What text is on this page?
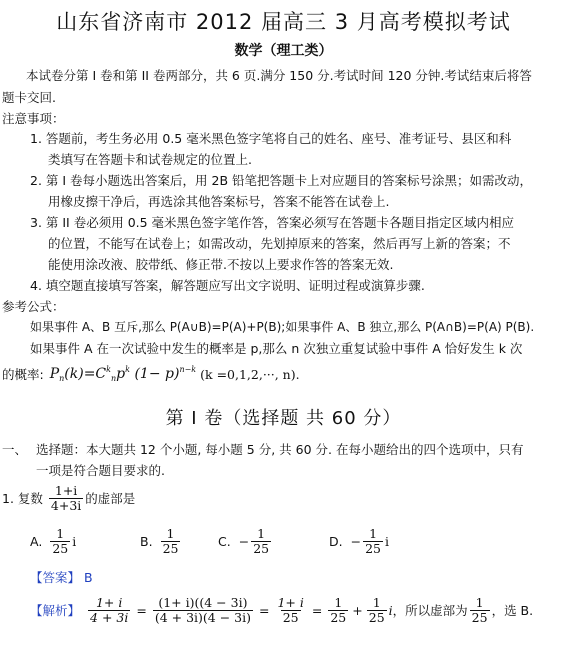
山东省济南市 2012 届高三 3 月高考模拟考试
数学（理工类）
本试卷分第 I 卷和第 II 卷两部分，共 6 页.满分 150 分.考试时间 120 分钟.考试结束后将答
题卡交回.
注意事项：
1. 答题前，考生务必用 0.5 毫米黑色签字笔将自己的姓名、座号、准考证号、县区和科
类填写在答题卡和试卷规定的位置上.
2. 第 I 卷每小题选出答案后，用 2B 铅笔把答题卡上对应题目的答案标号涂黑；如需改动，
用橡皮擦干净后，再选涂其他答案标号，答案不能答在试卷上.
3. 第 II 卷必须用 0.5 毫米黑色签字笔作答，答案必须写在答题卡各题目指定区域内相应
的位置，不能写在试卷上；如需改动，先划掉原来的答案，然后再写上新的答案；不
能使用涂改液、胶带纸、修正带.不按以上要求作答的答案无效.
4. 填空题直接填写答案，解答题应写出文字说明、证明过程或演算步骤.
参考公式：
如果事件 A、B 互斥,那么 P(A∪B)=P(A)+P(B);如果事件 A、B 独立,那么 P(A∩B)=P(A) P(B).
如果事件 A 在一次试验中发生的概率是 p,那么 n 次独立重复试验中事件 A 恰好发生 k 次
的概率: $P_n(k)=C^k_np^k$ $(1- p)^{n-k}$ (k =0,1,2,···, n).
第 I 卷（选择题 共 60 分）
一、 选择题：本大题共 12 个小题, 每小题 5 分, 共 60 分. 在每小题给出的四个选项中，只有
一项是符合题目要求的.
1. 复数 $\frac{1+i}{4+3i}$ 的虚部是
A. $\frac{1}{25}$ i	B. $\frac{1}{25}$	C. − $\frac{1}{25}$	D. − $\frac{1}{25}$ i
【答案】 B
【解析】 $\frac{1+ i}{4 + 3i} = \frac{(1+ i)((4 - 3i)}{(4 + 3i)(4 - 3i)} = \frac{1+ i}{25} = \frac{1}{25} + \frac{1}{25}$ i ，所以虚部为 $\frac{1}{25}$ ，选 B.
